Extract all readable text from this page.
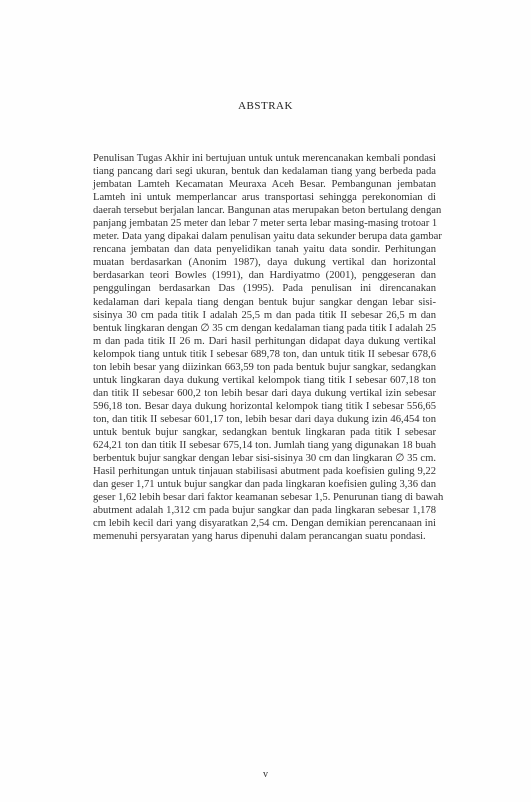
ABSTRAK
Penulisan Tugas Akhir ini bertujuan untuk untuk merencanakan kembali pondasi
tiang pancang dari segi ukuran, bentuk dan kedalaman tiang yang berbeda pada
jembatan Lamteh Kecamatan Meuraxa Aceh Besar. Pembangunan jembatan
Lamteh ini untuk memperlancar arus transportasi sehingga perekonomian di
daerah tersebut berjalan lancar. Bangunan atas merupakan beton bertulang dengan
panjang jembatan 25 meter dan lebar 7 meter serta lebar masing-masing trotoar 1
meter. Data yang dipakai dalam penulisan yaitu data sekunder berupa data gambar
rencana jembatan dan data penyelidikan tanah yaitu data sondir. Perhitungan
muatan berdasarkan (Anonim 1987), daya dukung vertikal dan horizontal
berdasarkan teori Bowles (1991), dan Hardiyatmo (2001), penggeseran dan
penggulingan berdasarkan Das (1995). Pada penulisan ini direncanakan
kedalaman dari kepala tiang dengan bentuk bujur sangkar dengan lebar sisi-
sisinya 30 cm pada titik I adalah 25,5 m dan pada titik II sebesar 26,5 m dan
bentuk lingkaran dengan ∅ 35 cm dengan kedalaman tiang pada titik I adalah 25
m dan pada titik II 26 m. Dari hasil perhitungan didapat daya dukung vertikal
kelompok tiang untuk titik I sebesar 689,78 ton, dan untuk titik II sebesar 678,6
ton lebih besar yang diizinkan 663,59 ton pada bentuk bujur sangkar, sedangkan
untuk lingkaran daya dukung vertikal kelompok tiang titik I sebesar 607,18 ton
dan titik II sebesar 600,2 ton lebih besar dari daya dukung vertikal izin sebesar
596,18 ton. Besar daya dukung horizontal kelompok tiang titik I sebesar 556,65
ton, dan titik II sebesar 601,17 ton, lebih besar dari daya dukung izin 46,454 ton
untuk bentuk bujur sangkar, sedangkan bentuk lingkaran pada titik I sebesar
624,21 ton dan titik II sebesar 675,14 ton. Jumlah tiang yang digunakan 18 buah
berbentuk bujur sangkar dengan lebar sisi-sisinya 30 cm dan lingkaran ∅ 35 cm.
Hasil perhitungan untuk tinjauan stabilisasi abutment pada koefisien guling 9,22
dan geser 1,71 untuk bujur sangkar dan pada lingkaran koefisien guling 3,36 dan
geser 1,62 lebih besar dari faktor keamanan sebesar 1,5. Penurunan tiang di bawah
abutment adalah 1,312 cm pada bujur sangkar dan pada lingkaran sebesar 1,178
cm lebih kecil dari yang disyaratkan 2,54 cm. Dengan demikian perencanaan ini
memenuhi persyaratan yang harus dipenuhi dalam perancangan suatu pondasi.
v
